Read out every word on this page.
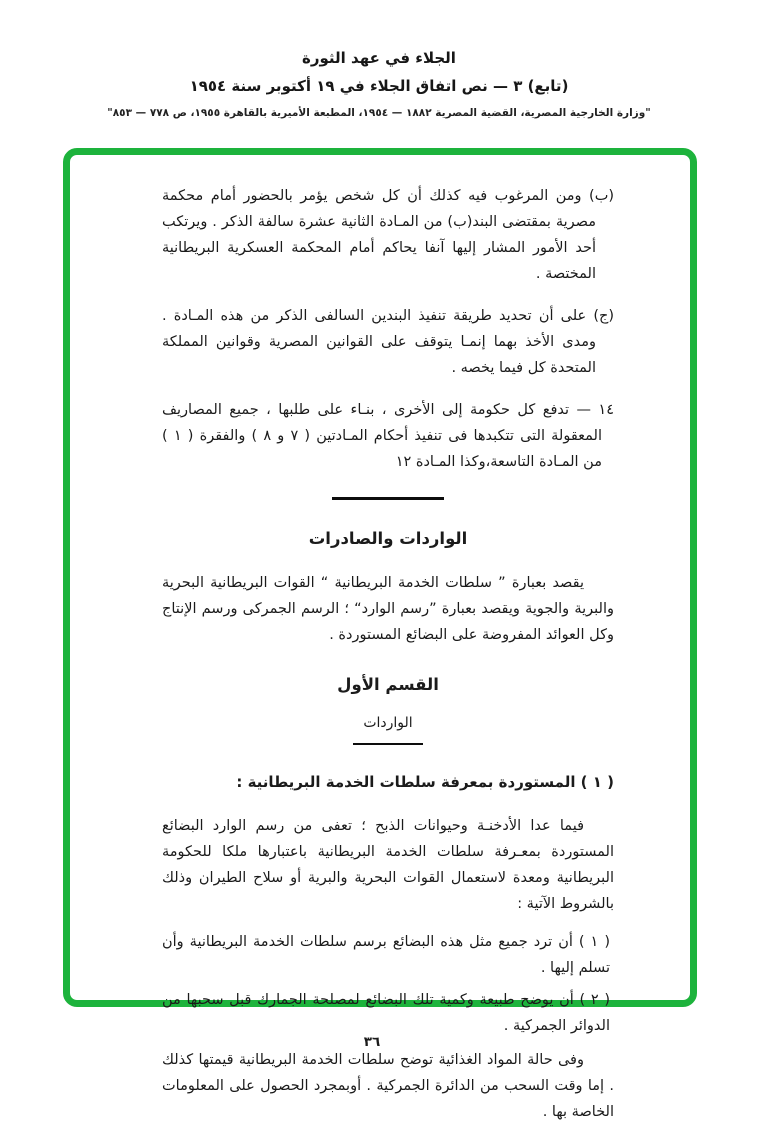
الجلاء في عهد الثورة
(تابع) ٣ — نص اتفاق الجلاء في ١٩ أكتوبر سنة ١٩٥٤
"وزارة الخارجية المصرية، القضية المصرية ١٨٨٢ — ١٩٥٤، المطبعة الأميرية بالقاهرة ١٩٥٥، ص ٧٧٨ — ٨٥٣"

(ب) ومن المرغوب فيه كذلك أن كل شخص يؤمر بالحضور أمام محكمة مصرية بمقتضى البند(ب) من المـادة الثانية عشرة سالفة الذكر . ويرتكب أحد الأمور المشار إليها آنفا يحاكم أمام المحكمة العسكرية البريطانية المختصة .

(ج) على أن تحديد طريقة تنفيذ البندين السالفى الذكر من هذه المـادة . ومدى الأخذ بهما إنمـا يتوقف على القوانين المصرية وقوانين المملكة المتحدة كل فيما يخصه .

١٤ — تدفع كل حكومة إلى الأخرى ، بنـاء على طلبها ، جميع المصاريف المعقولة التى تتكبدها فى تنفيذ أحكام المـادتين ( ٧ و ٨ ) والفقرة ( ١ ) من المـادة التاسعة،وكذا المـادة ١٢

الواردات والصادرات

يقصد بعبارة ” سلطات الخدمة البريطانية “ القوات البريطانية البحرية والبرية والجوية ويقصد بعبارة ”رسم الوارد“ ؛ الرسم الجمركى ورسم الإنتاج وكل العوائد المفروضة على البضائع المستوردة .

القسم الأول
الواردات
( ١ ) المستوردة بمعرفة سلطات الخدمة البريطانية :

فيما عدا الأدخنـة وحيوانات الذبح ؛ تعفى من رسم الوارد البضائع المستوردة بمعـرفة سلطات الخدمة البريطانية باعتبارها ملكا للحكومة البريطانية ومعدة لاستعمال القوات البحرية والبرية أو سلاح الطيران وذلك بالشروط الآتية :

( ١ ) أن ترد جميع مثل هذه البضائع برسم سلطات الخدمة البريطانية وأن تسلم إليها .

( ٢ ) أن يوضح طبيعة وكمية تلك البضائع لمصلحة الجمارك قبل سحبها من الدوائر الجمركية .

وفى حالة المواد الغذائية توضح سلطات الخدمة البريطانية قيمتها كذلك . إما وقت السحب من الدائرة الجمركية . أوبمجرد الحصول على المعلومات الخاصة بها .

٣٦
